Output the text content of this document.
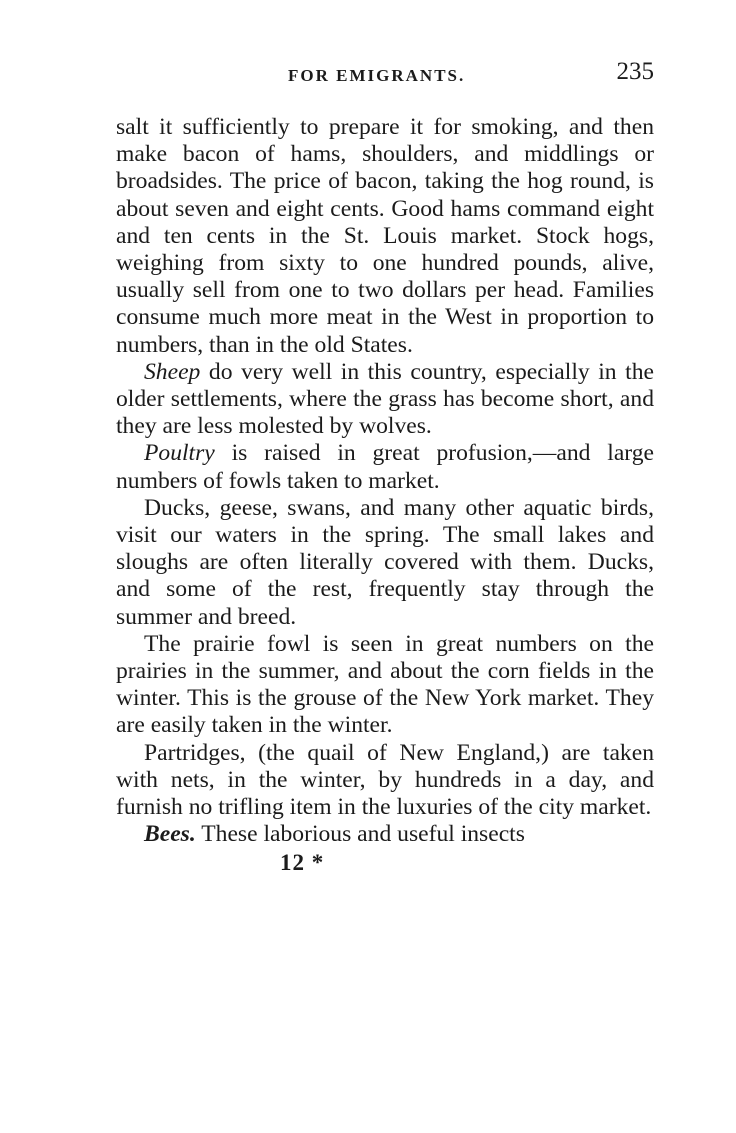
FOR EMIGRANTS.	235

salt it sufficiently to prepare it for smoking, and then make bacon of hams, shoulders, and middlings or broadsides. The price of bacon, taking the hog round, is about seven and eight cents. Good hams command eight and ten cents in the St. Louis market. Stock hogs, weighing from sixty to one hundred pounds, alive, usually sell from one to two dollars per head. Families consume much more meat in the West in proportion to numbers, than in the old States.

Sheep do very well in this country, especially in the older settlements, where the grass has become short, and they are less molested by wolves.

Poultry is raised in great profusion,—and large numbers of fowls taken to market.

Ducks, geese, swans, and many other aquatic birds, visit our waters in the spring. The small lakes and sloughs are often literally covered with them. Ducks, and some of the rest, frequently stay through the summer and breed.

The prairie fowl is seen in great numbers on the prairies in the summer, and about the corn fields in the winter. This is the grouse of the New York market. They are easily taken in the winter.

Partridges, (the quail of New England,) are taken with nets, in the winter, by hundreds in a day, and furnish no trifling item in the luxuries of the city market.

Bees. These laborious and useful insects

12 *
